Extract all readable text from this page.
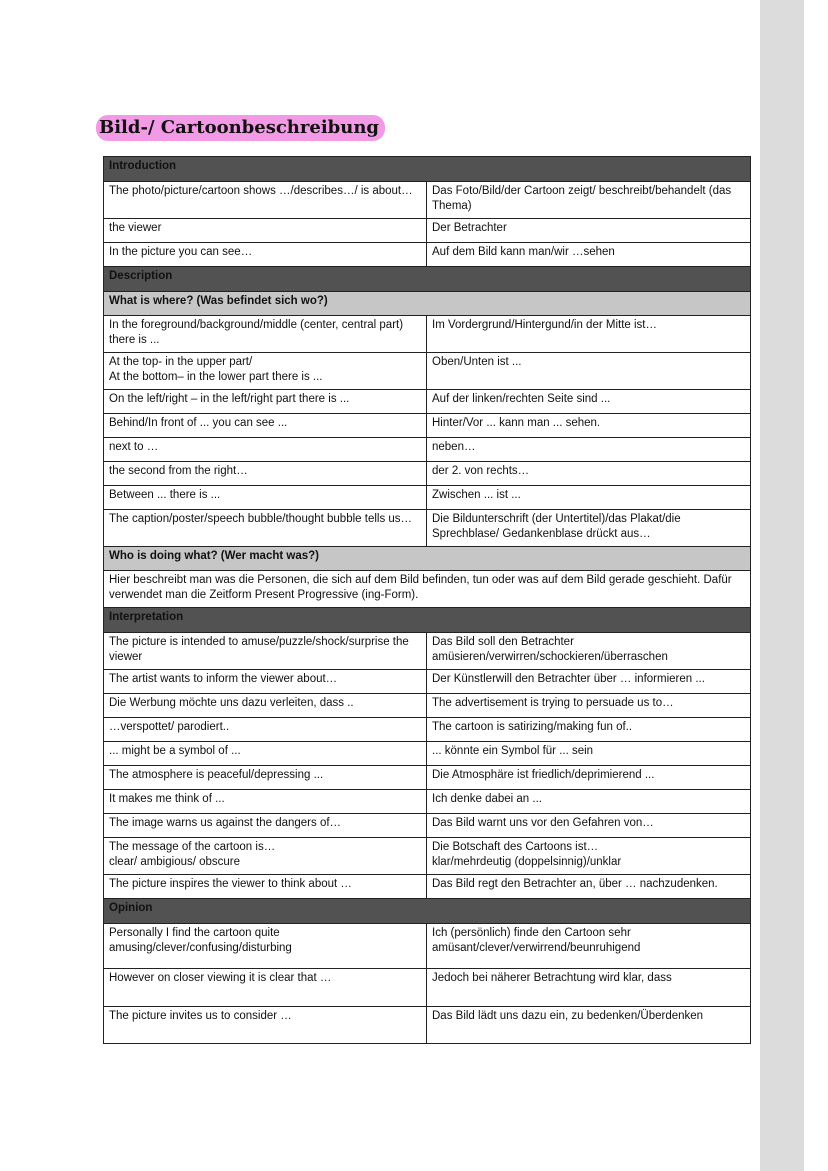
Bild-/ Cartoonbeschreibung
Introduction	
The photo/picture/cartoon shows …/describes…/ is about…	Das Foto/Bild/der Cartoon zeigt/ beschreibt/behandelt (das Thema)
the viewer	Der Betrachter
In the picture you can see…	Auf dem Bild kann man/wir …sehen
Description	
What is where? (Was befindet sich wo?)	
In the foreground/background/middle (center, central part) there is ...	Im Vordergrund/Hintergund/in der Mitte ist…
At the top- in the upper part/
At the bottom– in the lower part there is ...	Oben/Unten ist ...
On the left/right – in the left/right part there is ...	Auf der linken/rechten Seite sind ...
Behind/In front of ... you can see ...	Hinter/Vor ... kann man ... sehen.
next to …	neben…
the second from the right…	der 2. von rechts…
Between ... there is ...	Zwischen ... ist ...
The caption/poster/speech bubble/thought bubble tells us…	Die Bildunterschrift (der Untertitel)/das Plakat/die Sprechblase/ Gedankenblase drückt aus…
Who is doing what? (Wer macht was?)	
Hier beschreibt man was die Personen, die sich auf dem Bild befinden, tun oder was auf dem Bild gerade geschieht. Dafür verwendet man die Zeitform Present Progressive (ing-Form).	
Interpretation	
The picture is intended to amuse/puzzle/shock/surprise the viewer	Das Bild soll den Betrachter
amüsieren/verwirren/schockieren/überraschen
The artist wants to inform the viewer about…	Der Künstlerwill den Betrachter über … informieren ...
Die Werbung möchte uns dazu verleiten, dass ..	The advertisement is trying to persuade us to…
…verspottet/ parodiert..	The cartoon is satirizing/making fun of..
... might be a symbol of ...	... könnte ein Symbol für ... sein
The atmosphere is peaceful/depressing ...	Die Atmosphäre ist friedlich/deprimierend ...
It makes me think of ...	Ich denke dabei an ...
The image warns us against the dangers of…	Das Bild warnt uns vor den Gefahren von…
The message of the cartoon is…
clear/ ambigious/ obscure	Die Botschaft des Cartoons ist…
klar/mehrdeutig (doppelsinnig)/unklar
The picture inspires the viewer to think about …	Das Bild regt den Betrachter an, über … nachzudenken.
Opinion	
Personally I find the cartoon quite
amusing/clever/confusing/disturbing	Ich (persönlich) finde den Cartoon sehr
amüsant/clever/verwirrend/beunruhigend
However on closer viewing it is clear that …	Jedoch bei näherer Betrachtung wird klar, dass
The picture invites us to consider …	Das Bild lädt uns dazu ein, zu bedenken/Überdenken
